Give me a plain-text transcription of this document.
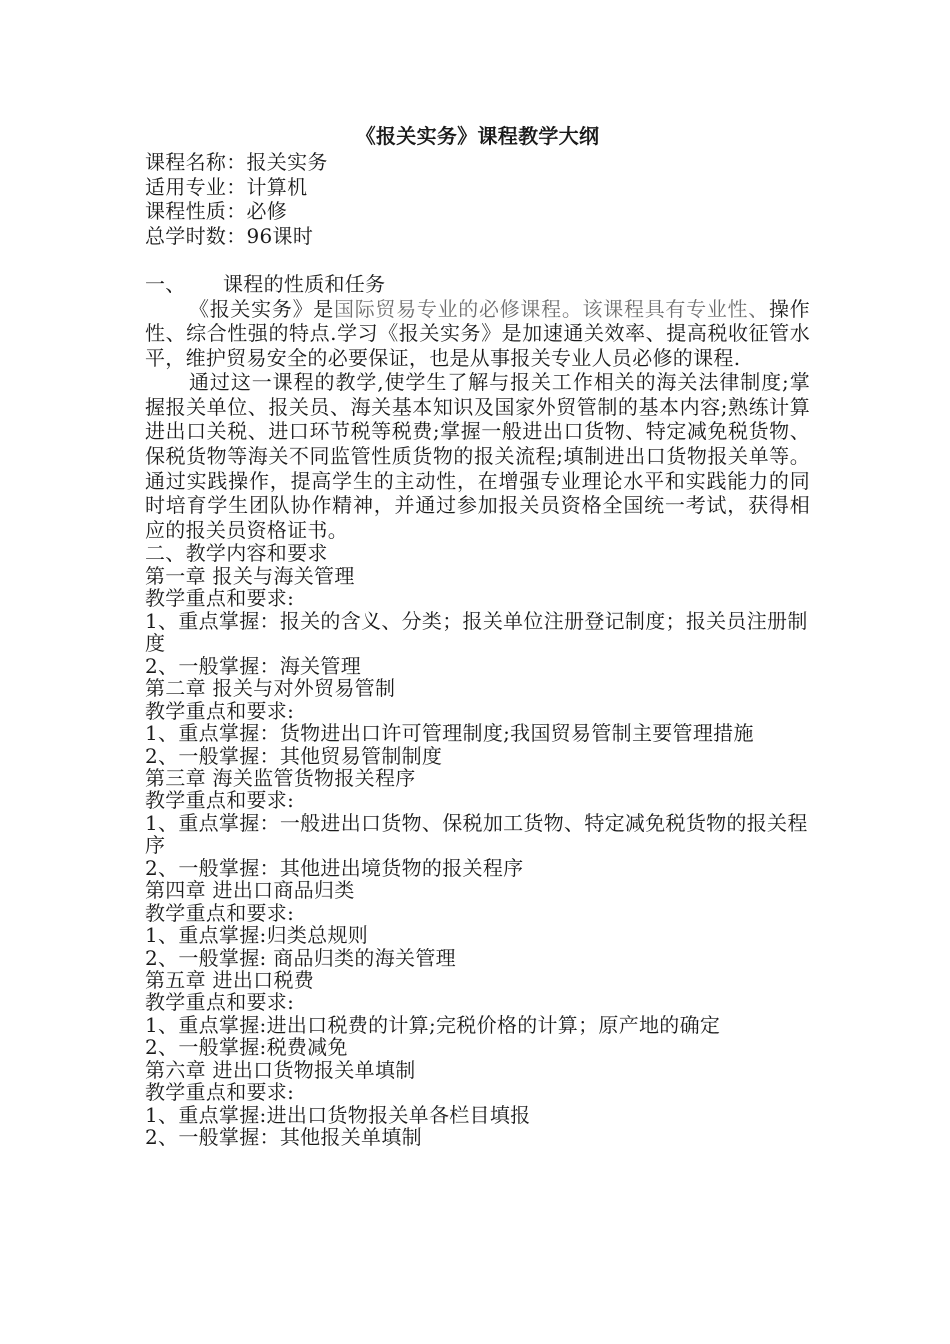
《报关实务》课程教学大纲
课程名称：报关实务
适用专业：计算机
课程性质：必修
总学时数：96课时
一、 课程的性质和任务
《报关实务》是国际贸易专业的必修课程。该课程具有专业性、操作性、综合性强的特点.学习《报关实务》是加速通关效率、提高税收征管水平，维护贸易安全的必要保证，也是从事报关专业人员必修的课程.
通过这一课程的教学,使学生了解与报关工作相关的海关法律制度;掌握报关单位、报关员、海关基本知识及国家外贸管制的基本内容;熟练计算进出口关税、进口环节税等税费;掌握一般进出口货物、特定减免税货物、保税货物等海关不同监管性质货物的报关流程;填制进出口货物报关单等。通过实践操作，提高学生的主动性，在增强专业理论水平和实践能力的同时培育学生团队协作精神，并通过参加报关员资格全国统一考试，获得相应的报关员资格证书。
二、教学内容和要求
第一章 报关与海关管理
教学重点和要求:
1、重点掌握：报关的含义、分类；报关单位注册登记制度；报关员注册制度
2、一般掌握：海关管理
第二章 报关与对外贸易管制
教学重点和要求:
1、重点掌握：货物进出口许可管理制度;我国贸易管制主要管理措施
2、一般掌握：其他贸易管制制度
第三章 海关监管货物报关程序
教学重点和要求:
1、重点掌握：一般进出口货物、保税加工货物、特定减免税货物的报关程序
2、一般掌握：其他进出境货物的报关程序
第四章 进出口商品归类
教学重点和要求:
1、重点掌握:归类总规则
2、一般掌握: 商品归类的海关管理
第五章 进出口税费
教学重点和要求:
1、重点掌握:进出口税费的计算;完税价格的计算；原产地的确定
2、一般掌握:税费减免
第六章 进出口货物报关单填制
教学重点和要求:
1、重点掌握:进出口货物报关单各栏目填报
2、一般掌握：其他报关单填制
